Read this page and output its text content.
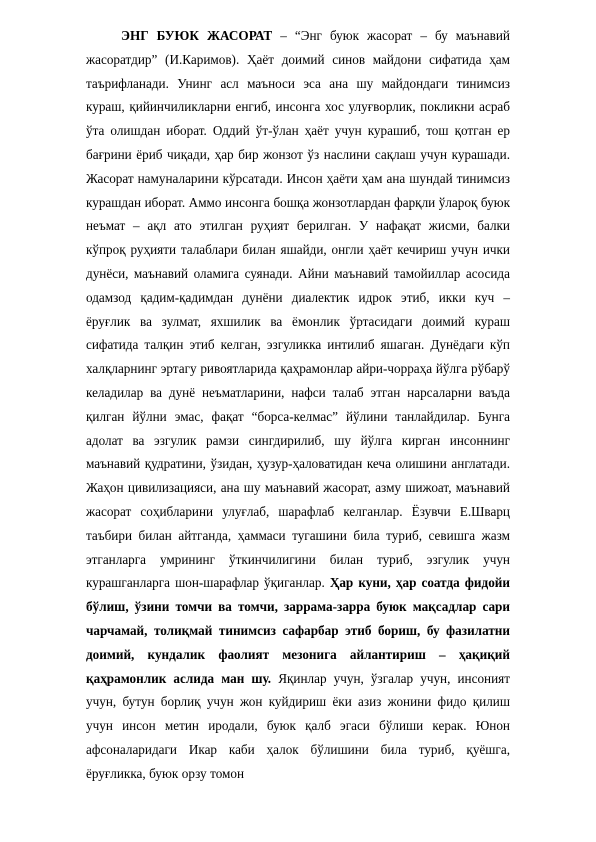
ЭНГ БУЮК ЖАСОРАТ – “Энг буюк жасорат – бу маънавий жасоратдир” (И.Каримов). Ҳаёт доимий синов майдони сифатида ҳам таърифланади. Унинг асл маъноси эса ана шу майдондаги тинимсиз кураш, қийинчиликларни енгиб, инсонга хос улуғворлик, покликни асраб ўта олишдан иборат. Оддий ўт-ўлан ҳаёт учун курашиб, тош қотган ер бағрини ёриб чиқади, ҳар бир жонзот ўз наслини сақлаш учун курашади. Жасорат намуналарини кўрсатади. Инсон ҳаёти ҳам ана шундай тинимсиз курашдан иборат. Аммо инсонга бошқа жонзотлардан фарқли ўлароқ буюк неъмат – ақл ато этилган руҳият берилган. У нафақат жисми, балки кўпроқ руҳияти талаблари билан яшайди, онгли ҳаёт кечириш учун ички дунёси, маънавий оламига суянади. Айни маънавий тамойиллар асосида одамзод қадим-қадимдан дунёни диалектик идрок этиб, икки куч – ёруғлик ва зулмат, яхшилик ва ёмонлик ўртасидаги доимий кураш сифатида талқин этиб келган, эзгуликка интилиб яшаган. Дунёдаги кўп халқларнинг эртагу ривоятларида қаҳрамонлар айри-чорраҳа йўлга рўбарў келадилар ва дунё неъматларини, нафси талаб этган нарсаларни ваъда қилган йўлни эмас, фақат “борса-келмас” йўлини танлайдилар. Бунга адолат ва эзгулик рамзи сингдирилиб, шу йўлга кирган инсоннинг маънавий қудратини, ўзидан, ҳузур-ҳаловатидан кеча олишини англатади. Жаҳон цивилизацияси, ана шу маънавий жасорат, азму шижоат, маънавий жасорат соҳибларини улуғлаб, шарафлаб келганлар. Ёзувчи Е.Шварц таъбири билан айтганда, ҳаммаси тугашини била туриб, севишга жазм этганларга умрининг ўткинчилигини билан туриб, эзгулик учун курашганларга шон-шарафлар ўқиганлар. Ҳар куни, ҳар соатда фидойи бўлиш, ўзини томчи ва томчи, заррама-зарра буюк мақсадлар сари чарчамай, толиқмай тинимсиз сафарбар этиб бориш, бу фазилатни доимий, кундалик фаолият мезонига айлантириш – ҳақиқий қаҳрамонлик аслида ман шу. Яқинлар учун, ўзгалар учун, инсоният учун, бутун борлиқ учун жон куйдириш ёки азиз жонини фидо қилиш учун инсон метин иродали, буюк қалб эгаси бўлиши керак. Юнон афсоналаридаги Икар каби ҳалок бўлишини била туриб, қуёшга, ёруғликка, буюк орзу томон
